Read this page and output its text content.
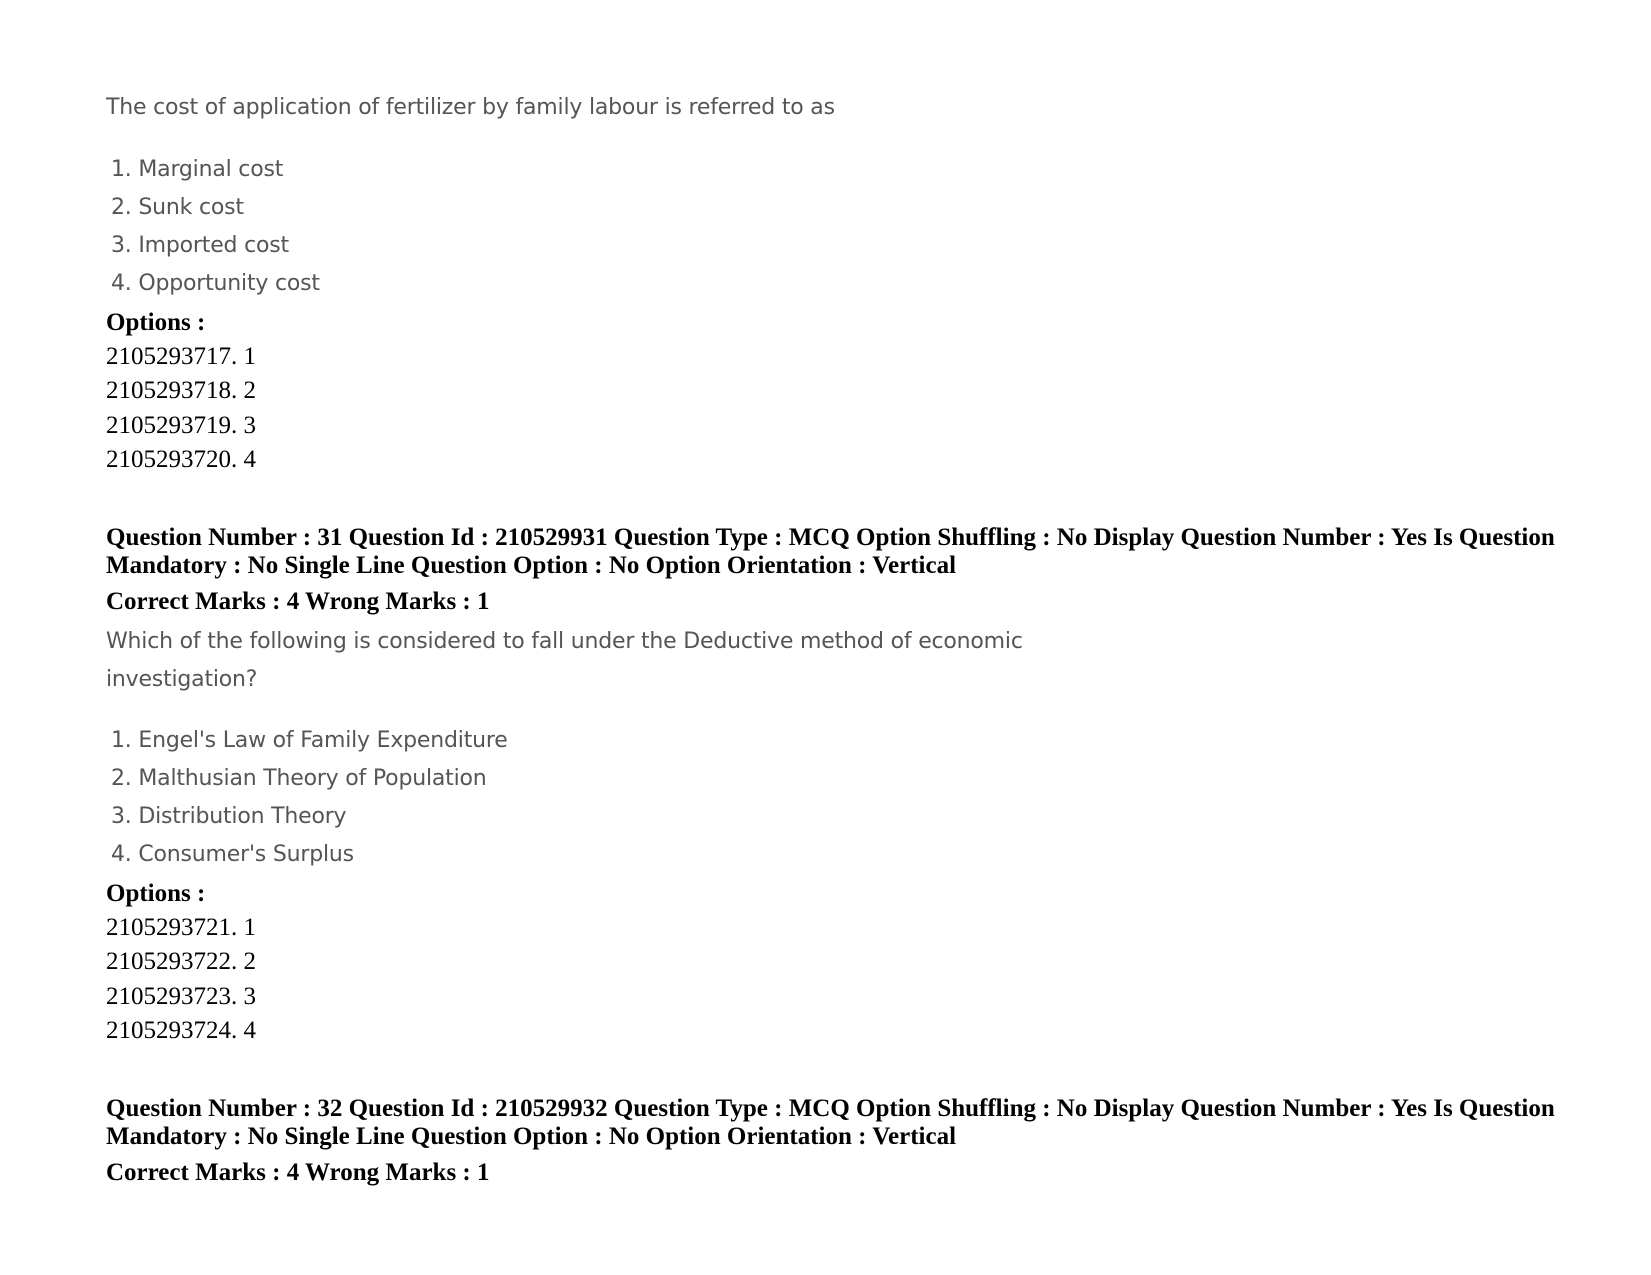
The cost of application of fertilizer by family labour is referred to as
1. Marginal cost
2. Sunk cost
3. Imported cost
4. Opportunity cost
Options :
2105293717. 1
2105293718. 2
2105293719. 3
2105293720. 4
Question Number : 31 Question Id : 210529931 Question Type : MCQ Option Shuffling : No Display Question Number : Yes Is Question
Mandatory : No Single Line Question Option : No Option Orientation : Vertical
Correct Marks : 4 Wrong Marks : 1
Which of the following is considered to fall under the Deductive method of economic
investigation?
1. Engel's Law of Family Expenditure
2. Malthusian Theory of Population
3. Distribution Theory
4. Consumer's Surplus
Options :
2105293721. 1
2105293722. 2
2105293723. 3
2105293724. 4
Question Number : 32 Question Id : 210529932 Question Type : MCQ Option Shuffling : No Display Question Number : Yes Is Question
Mandatory : No Single Line Question Option : No Option Orientation : Vertical
Correct Marks : 4 Wrong Marks : 1
